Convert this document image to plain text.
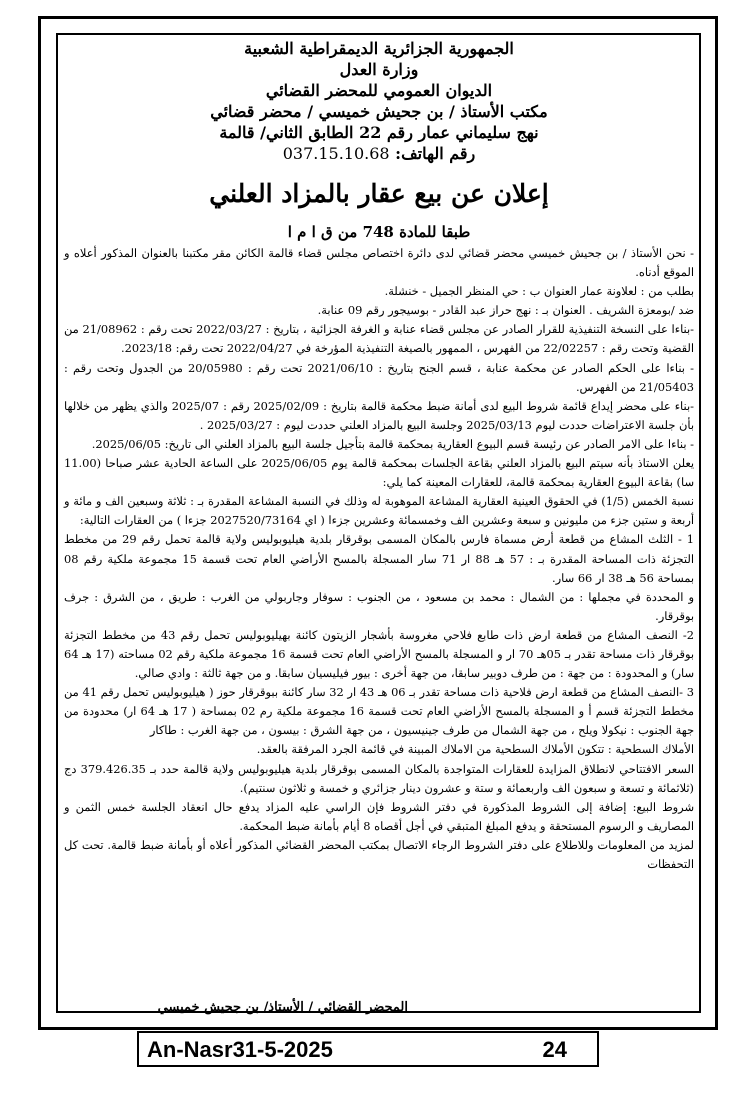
الجمهورية الجزائرية الديمقراطية الشعبية
وزارة العدل
الديوان العمومي للمحضر القضائي
مكتب الأستاذ / بن جحيش خميسي / محضر قضائي
نهج سليماني عمار رقم 22 الطابق الثاني/ قالمة
رقم الهاتف: 037.15.10.68
إعلان عن بيع عقار بالمزاد العلني
طبقا للمادة 748 من ق ا م ا

- نحن الأستاذ / بن جحيش خميسي محضر قضائي لدى دائرة اختصاص مجلس قضاء قالمة الكائن مقر مكتبنا بالعنوان المذكور أعلاه و الموقع أدناه.

بطلب من : لعلاونة عمار العنوان ب : حي المنظر الجميل - خنشلة.

ضد /بومعزة الشريف . العنوان بـ : نهج حراز عبد القادر - بوسيجور رقم 09 عنابة.

-بناءا على النسخة التنفيذية للقرار الصادر عن مجلس قضاء عنابة و الغرفة الجزائية ، بتاريخ : 2022/03/27 تحت رقم : 21/08962 من القضية وتحت رقم : 22/02257 من الفهرس ، الممهور بالصيغة التنفيذية المؤرخة في 2022/04/27 تحت رقم: 2023/18.

- بناءا على الحكم الصادر عن محكمة عنابة ، قسم الجنح بتاريخ : 2021/06/10 تحت رقم : 20/05980 من الجدول وتحت رقم : 21/05403 من الفهرس.

-بناء على محضر إيداع قائمة شروط البيع لدى أمانة ضبط محكمة قالمة بتاريخ : 2025/02/09 رقم : 2025/07 والذي يظهر من خلالها بأن جلسة الاعتراضات حددت ليوم 2025/03/13 وجلسة البيع بالمزاد العلني حددت ليوم : 2025/03/27 .

- بناءا على الامر الصادر عن رئيسة قسم البيوع العقارية بمحكمة قالمة بتأجيل جلسة البيع بالمزاد العلني الى تاريخ: 2025/06/05.

يعلن الاستاذ بأنه سيتم البيع بالمزاد العلني بقاعة الجلسات بمحكمة قالمة يوم 2025/06/05 على الساعة الحادية عشر صباحا (11.00 سا) بقاعة البيوع العقارية بمحكمة قالمة، للعقارات المعينة كما يلي:

نسبة الخمس (1/5) في الحقوق العينية العقارية المشاعة الموهوبة له وذلك في النسبة المشاعة المقدرة بـ : ثلاثة وسبعين الف و مائة و أربعة و ستين جزء من مليونين و سبعة وعشرين الف وخمسمائة وعشرين جزءا ( اي 2027520/73164 جزءا ) من العقارات التالية:

1 - الثلث المشاع من قطعة أرض مسماة فارس بالمكان المسمى بوقرقار بلدية هيليوبوليس ولاية قالمة تحمل رقم 29 من مخطط التجزئة ذات المساحة المقدرة بـ : 57 هـ 88 ار 71 سار المسجلة بالمسح الأراضي العام تحت قسمة 15 مجموعة ملكية رقم 08 بمساحة 56 هـ 38 ار 66 سار.

و المحددة في مجملها : من الشمال : محمد بن مسعود ، من الجنوب : سوفار وجاربولي من الغرب : طريق ، من الشرق : جرف بوقرقار.

2- النصف المشاع من قطعة ارض ذات طابع فلاحي مغروسة بأشجار الزيتون كائنة بهيليوبوليس تحمل رقم 43 من مخطط التجزئة بوقرقار ذات مساحة تقدر بـ 05هـ 70 ار و المسجلة بالمسح الأراضي العام تحت قسمة 16 مجموعة ملكية رقم 02 مساحته (17 هـ 64 سار) و المحدودة : من جهة : من طرف دوبير سابقا، من جهة أخرى : بيور فيليسيان سابقا. و من جهة ثالثة : وادي صالي.

3 -النصف المشاع من قطعة ارض فلاحية ذات مساحة تقدر بـ 06 هـ 43 ار 32 سار كائنة ببوقرقار حوز ( هيليوبوليس تحمل رقم 41 من مخطط التجزئة قسم أ و المسجلة بالمسح الأراضي العام تحت قسمة 16 مجموعة ملكية رم 02 بمساحة ( 17 هـ 64 ار) محدودة من جهة الجنوب : نيكولا ويلح ، من جهة الشمال من طرف جينيسيون ، من جهة الشرق : بيسون ، من جهة الغرب : طاكار

الأملاك السطحية : تتكون الأملاك السطحية من الاملاك المبينة في قائمة الجرد المرفقة بالعقد.

السعر الافتتاحي لانطلاق المزايدة للعقارات المتواجدة بالمكان المسمى بوقرقار بلدية هيليوبوليس ولاية قالمة حدد بـ 379.426.35 دج (ثلاثمائة و تسعة و سبعون الف واربعمائة و ستة و عشرون دينار جزائري و خمسة و ثلاثون سنتيم).

شروط البيع: إضافة إلى الشروط المذكورة في دفتر الشروط فإن الراسي عليه المزاد يدفع حال انعقاد الجلسة خمس الثمن و المصاريف و الرسوم المستحقة و يدفع المبلغ المتبقي في أجل أقصاه 8 أيام بأمانة ضبط المحكمة.

لمزيد من المعلومات وللاطلاع على دفتر الشروط الرجاء الاتصال بمكتب المحضر القضائي المذكور أعلاه أو بأمانة ضبط قالمة. تحت كل التحفظات

المحضر القضائي / الأستاذ/ بن جحيش خميسي
An-Nasr31-5-2025	24
